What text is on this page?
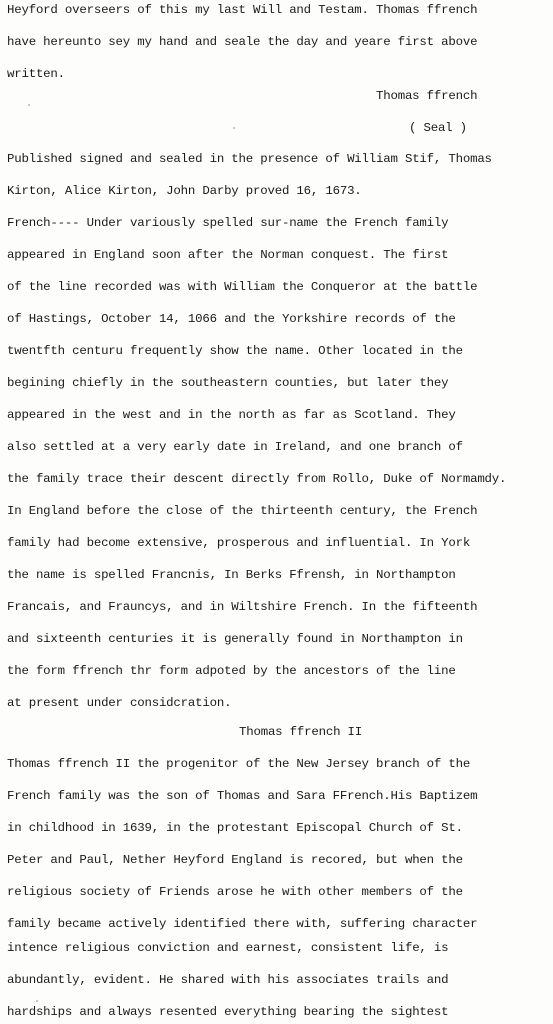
Heyford overseers of this my last Will and Testam. Thomas ffrench
have hereunto sey my hand and seale the day and yeare first above
written.
Thomas ffrench
( Seal )
Published signed and sealed in the presence of William Stif, Thomas
Kirton, Alice Kirton, John Darby proved 16, 1673.
French---- Under variously spelled sur-name the French family
appeared in England soon after the Norman conquest. The first
of the line recorded was with William the Conqueror at the battle
of Hastings, October 14, 1066 and the Yorkshire records of the
twentfth centuru frequently show the name. Other located in the
begining chiefly in the southeastern counties, but later they
appeared in the west and in the north as far as Scotland. They
also settled at a very early date in Ireland, and one branch of
the family trace their descent directly from Rollo, Duke of Normamdy.
In England before the close of the thirteenth century, the French
family had become extensive, prosperous and influential. In York
the name is spelled Francnis, In Berks Ffrensh, in Northampton
Francais, and Frauncys, and in Wiltshire French. In the fifteenth
and sixteenth centuries it is generally found in Northampton in
the form ffrench thr form adpoted by the ancestors of the line
at present under considcration.
Thomas ffrench II
Thomas ffrench II the progenitor of the New Jersey branch of the
French family was the son of Thomas and Sara FFrench.His Baptizem
in childhood in 1639, in the protestant Episcopal Church of St.
Peter and Paul, Nether Heyford England is recored, but when the
religious society of Friends arose he with other members of the
family became actively identified there with, suffering character
intence religious conviction and earnest, consistent life, is
abundantly, evident. He shared with his associates trails and
hardships and always resented everything bearing the sightest
